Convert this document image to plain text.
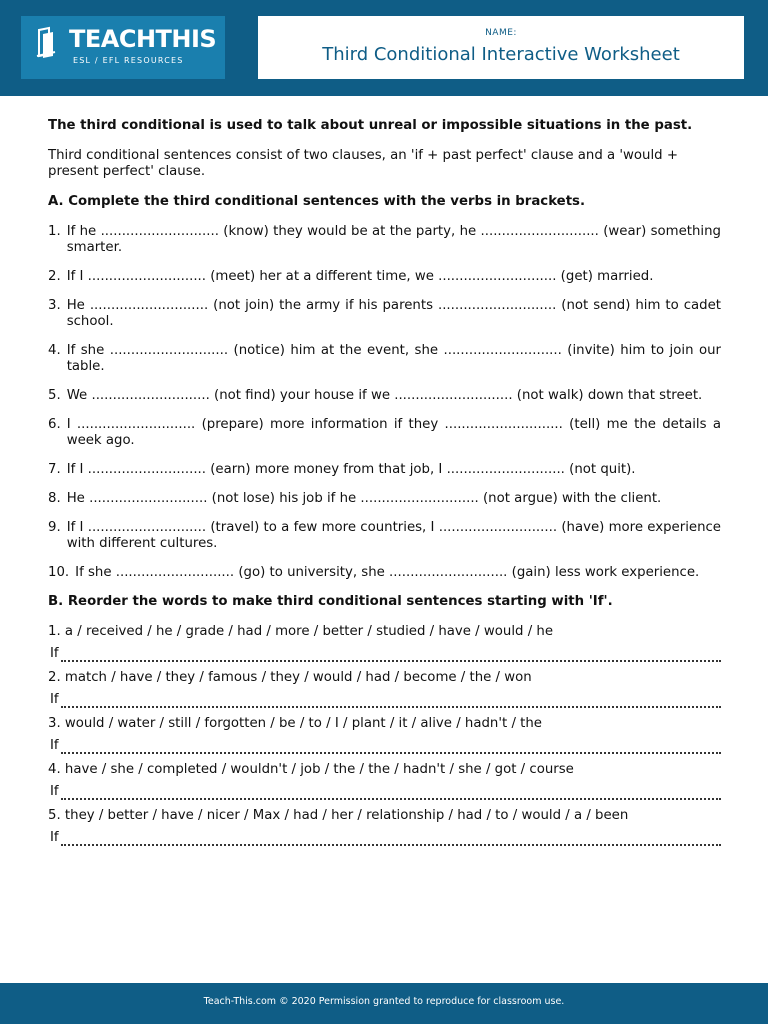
TEACHTHIS
ESL / EFL RESOURCES
NAME:
Third Conditional Interactive Worksheet

The third conditional is used to talk about unreal or impossible situations in the past.

Third conditional sentences consist of two clauses, an 'if + past perfect' clause and a 'would + present perfect' clause.

A. Complete the third conditional sentences with the verbs in brackets.

1. If he ............................ (know) they would be at the party, he ............................ (wear) something smarter.
2. If I ............................ (meet) her at a different time, we ............................ (get) married.
3. He ............................ (not join) the army if his parents ............................ (not send) him to cadet school.
4. If she ............................ (notice) him at the event, she ............................ (invite) him to join our table.
5. We ............................ (not find) your house if we ............................ (not walk) down that street.
6. I ............................ (prepare) more information if they ............................ (tell) me the details a week ago.
7. If I ............................ (earn) more money from that job, I ............................ (not quit).
8. He ............................ (not lose) his job if he ............................ (not argue) with the client.
9. If I ............................ (travel) to a few more countries, I ............................ (have) more experience with different cultures.
10. If she ............................ (go) to university, she ............................ (gain) less work experience.

B. Reorder the words to make third conditional sentences starting with 'If'.

1. a / received / he / grade / had / more / better / studied / have / would / he
If
2. match / have / they / famous / they / would / had / become / the / won
If
3. would / water / still / forgotten / be / to / I / plant / it / alive / hadn't / the
If
4. have / she / completed / wouldn't / job / the / the / hadn't / she / got / course
If
5. they / better / have / nicer / Max / had / her / relationship / had / to / would / a / been
If
Teach-This.com © 2020 Permission granted to reproduce for classroom use.
